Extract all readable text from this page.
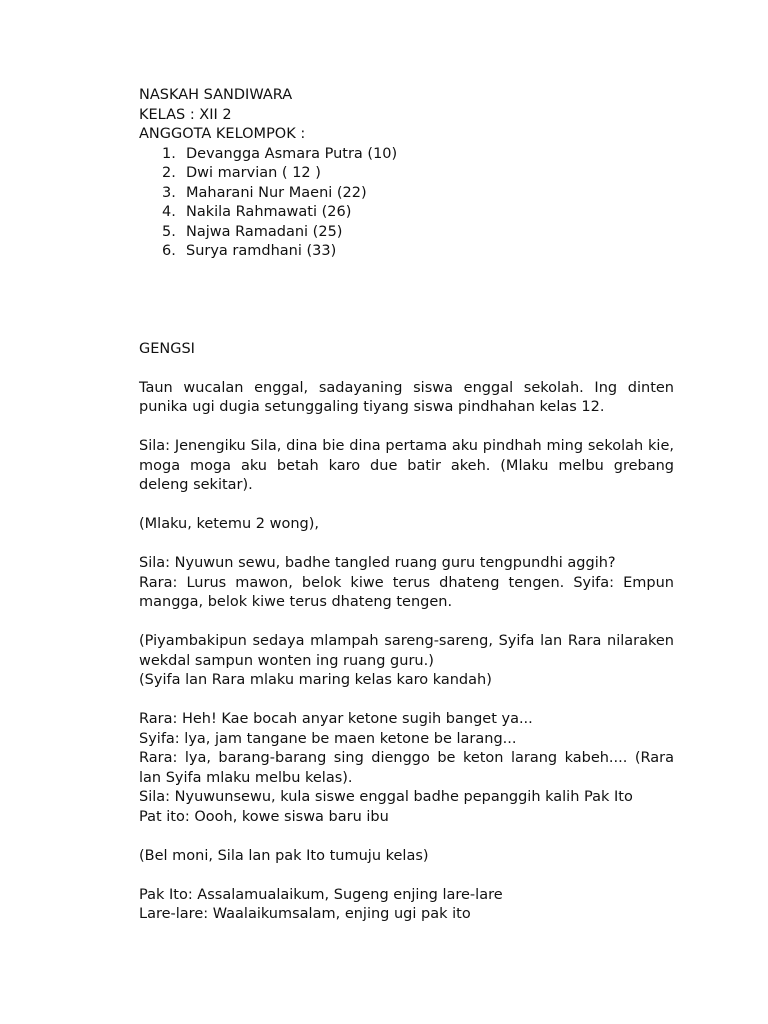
NASKAH SANDIWARA
KELAS : XII 2
ANGGOTA KELOMPOK :
1. Devangga Asmara Putra (10)
2. Dwi marvian ( 12 )
3. Maharani Nur Maeni (22)
4. Nakila Rahmawati (26)
5. Najwa Ramadani (25)
6. Surya ramdhani (33)
GENGSI

Taun wucalan enggal, sadayaning siswa enggal sekolah. Ing dinten punika ugi dugia setunggaling tiyang siswa pindhahan kelas 12.

Sila: Jenengiku Sila, dina bie dina pertama aku pindhah ming sekolah kie, moga moga aku betah karo due batir akeh. (Mlaku melbu grebang deleng sekitar).

(Mlaku, ketemu 2 wong),
Sila: Nyuwun sewu, badhe tangled ruang guru tengpundhi aggih?

Rara: Lurus mawon, belok kiwe terus dhateng tengen. Syifa: Empun mangga, belok kiwe terus dhateng tengen.

(Piyambakipun sedaya mlampah sareng-sareng, Syifa lan Rara nilaraken wekdal sampun wonten ing ruang guru.)

(Syifa lan Rara mlaku maring kelas karo kandah)
Rara: Heh! Kae bocah anyar ketone sugih banget ya...
Syifa: lya, jam tangane be maen ketone be larang...

Rara: lya, barang-barang sing dienggo be keton larang kabeh.... (Rara lan Syifa mlaku melbu kelas).

Sila: Nyuwunsewu, kula siswe enggal badhe pepanggih kalih Pak Ito
Pat ito: Oooh, kowe siswa baru ibu
(Bel moni, Sila lan pak Ito tumuju kelas)
Pak Ito: Assalamualaikum, Sugeng enjing lare-lare
Lare-lare: Waalaikumsalam, enjing ugi pak ito
